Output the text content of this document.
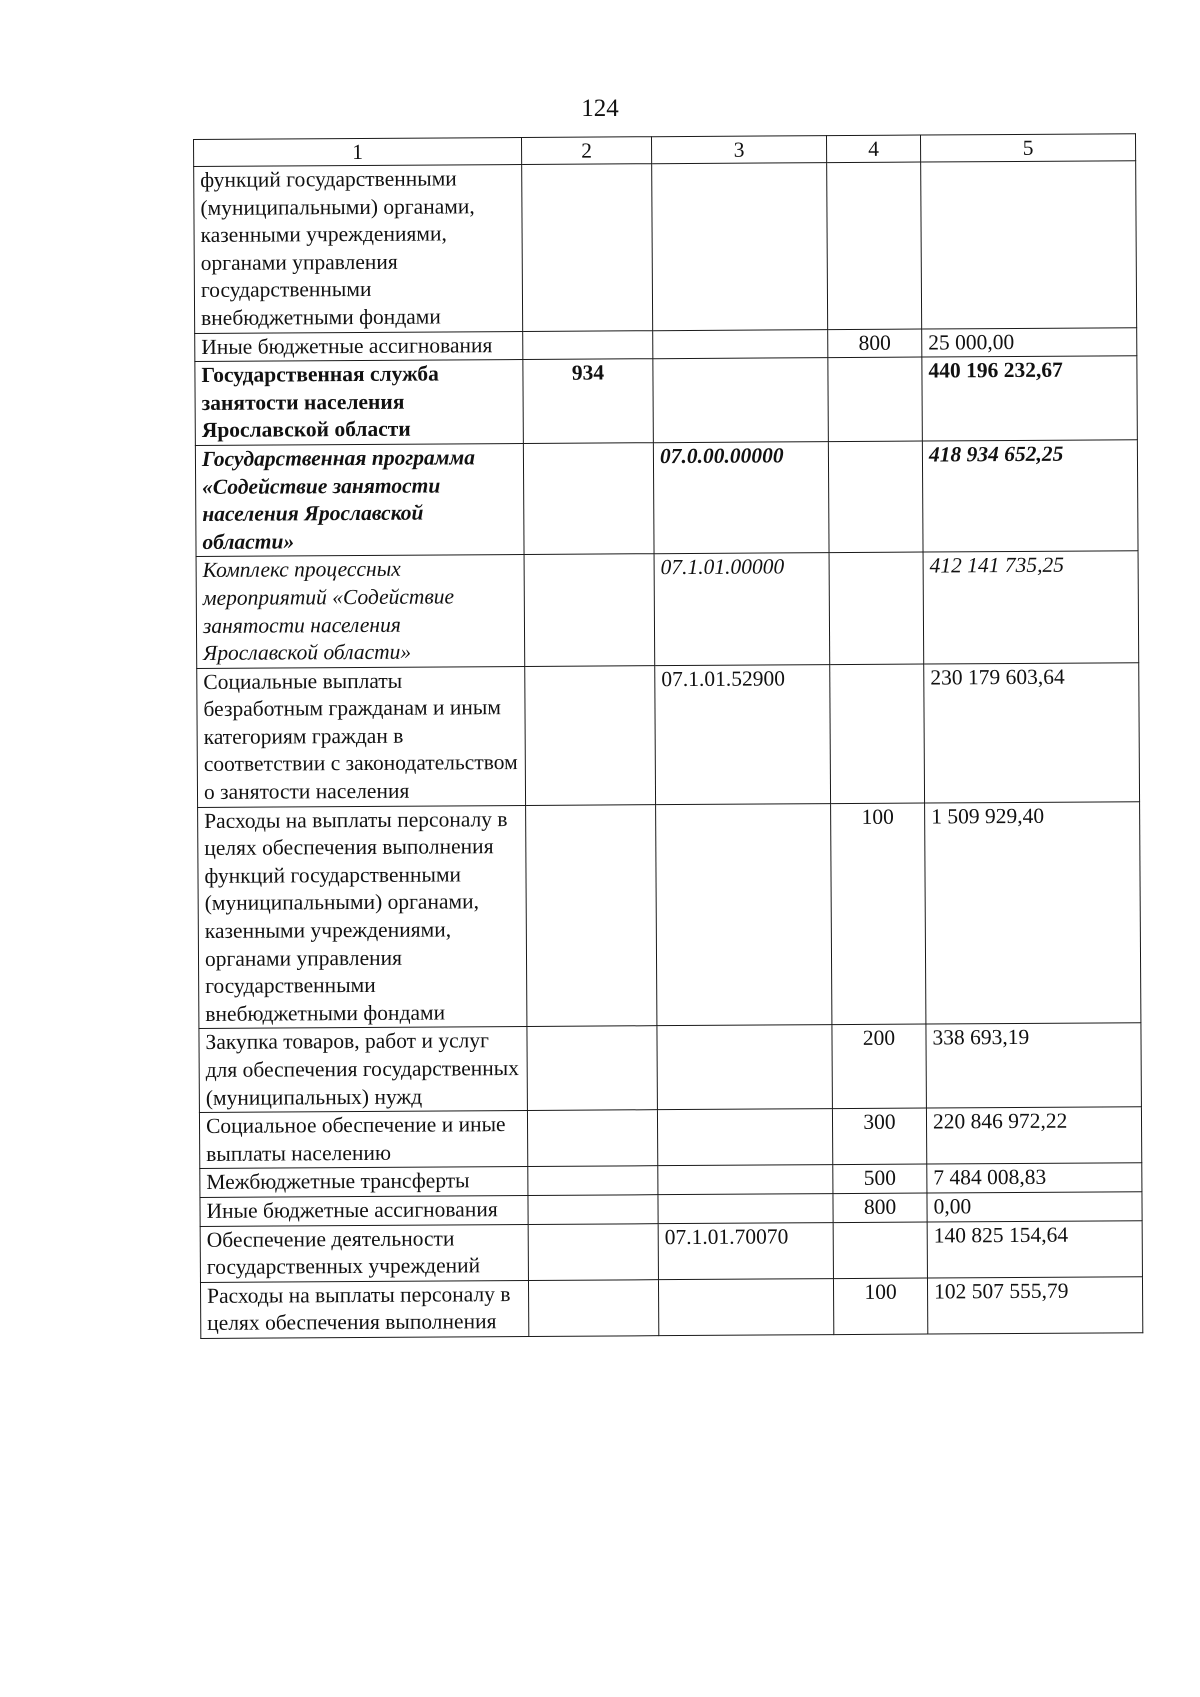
124
1	2	3	4	5
функций государственными (муниципальными) органами, казенными учреждениями, органами управления государственными внебюджетными фондами				
Иные бюджетные ассигнования			800	25 000,00
Государственная служба занятости населения Ярославской области	934			440 196 232,67
Государственная программа «Содействие занятости населения Ярославской области»		07.0.00.00000		418 934 652,25
Комплекс процессных мероприятий «Содействие занятости населения Ярославской области»		07.1.01.00000		412 141 735,25
Социальные выплаты безработным гражданам и иным категориям граждан в соответствии с законодательством о занятости населения		07.1.01.52900		230 179 603,64
Расходы на выплаты персоналу в целях обеспечения выполнения функций государственными (муниципальными) органами, казенными учреждениями, органами управления государственными внебюджетными фондами			100	1 509 929,40
Закупка товаров, работ и услуг для обеспечения государственных (муниципальных) нужд			200	338 693,19
Социальное обеспечение и иные выплаты населению			300	220 846 972,22
Межбюджетные трансферты			500	7 484 008,83
Иные бюджетные ассигнования			800	0,00
Обеспечение деятельности государственных учреждений		07.1.01.70070		140 825 154,64
Расходы на выплаты персоналу в целях обеспечения выполнения			100	102 507 555,79
